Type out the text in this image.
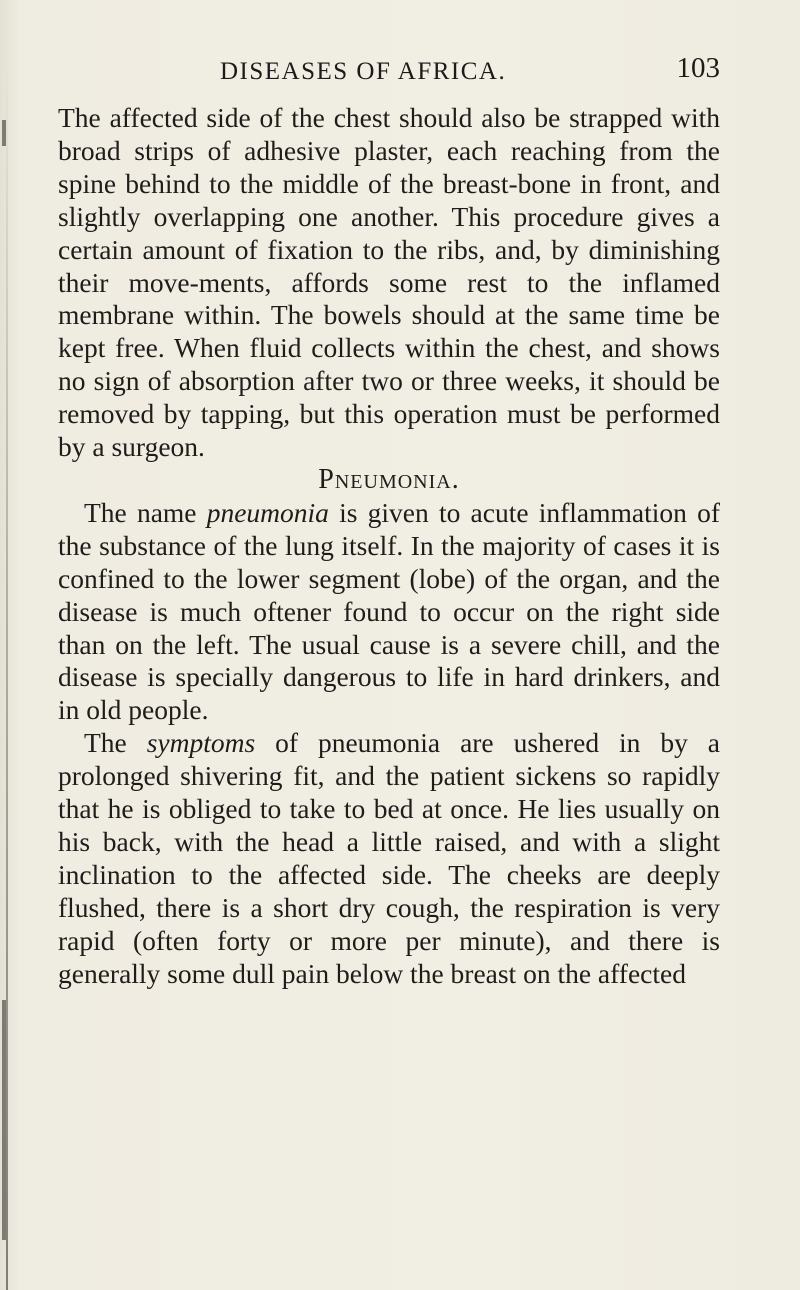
DISEASES OF AFRICA.	103

The affected side of the chest should also be strapped with broad strips of adhesive plaster, each reaching from the spine behind to the middle of the breast-bone in front, and slightly overlapping one another. This procedure gives a certain amount of fixation to the ribs, and, by diminishing their move-ments, affords some rest to the inflamed membrane within. The bowels should at the same time be kept free. When fluid collects within the chest, and shows no sign of absorption after two or three weeks, it should be removed by tapping, but this operation must be performed by a surgeon.

Pneumonia.

The name pneumonia is given to acute inflammation of the substance of the lung itself. In the majority of cases it is confined to the lower segment (lobe) of the organ, and the disease is much oftener found to occur on the right side than on the left. The usual cause is a severe chill, and the disease is specially dangerous to life in hard drinkers, and in old people.

The symptoms of pneumonia are ushered in by a prolonged shivering fit, and the patient sickens so rapidly that he is obliged to take to bed at once. He lies usually on his back, with the head a little raised, and with a slight inclination to the affected side. The cheeks are deeply flushed, there is a short dry cough, the respiration is very rapid (often forty or more per minute), and there is generally some dull pain below the breast on the affected
